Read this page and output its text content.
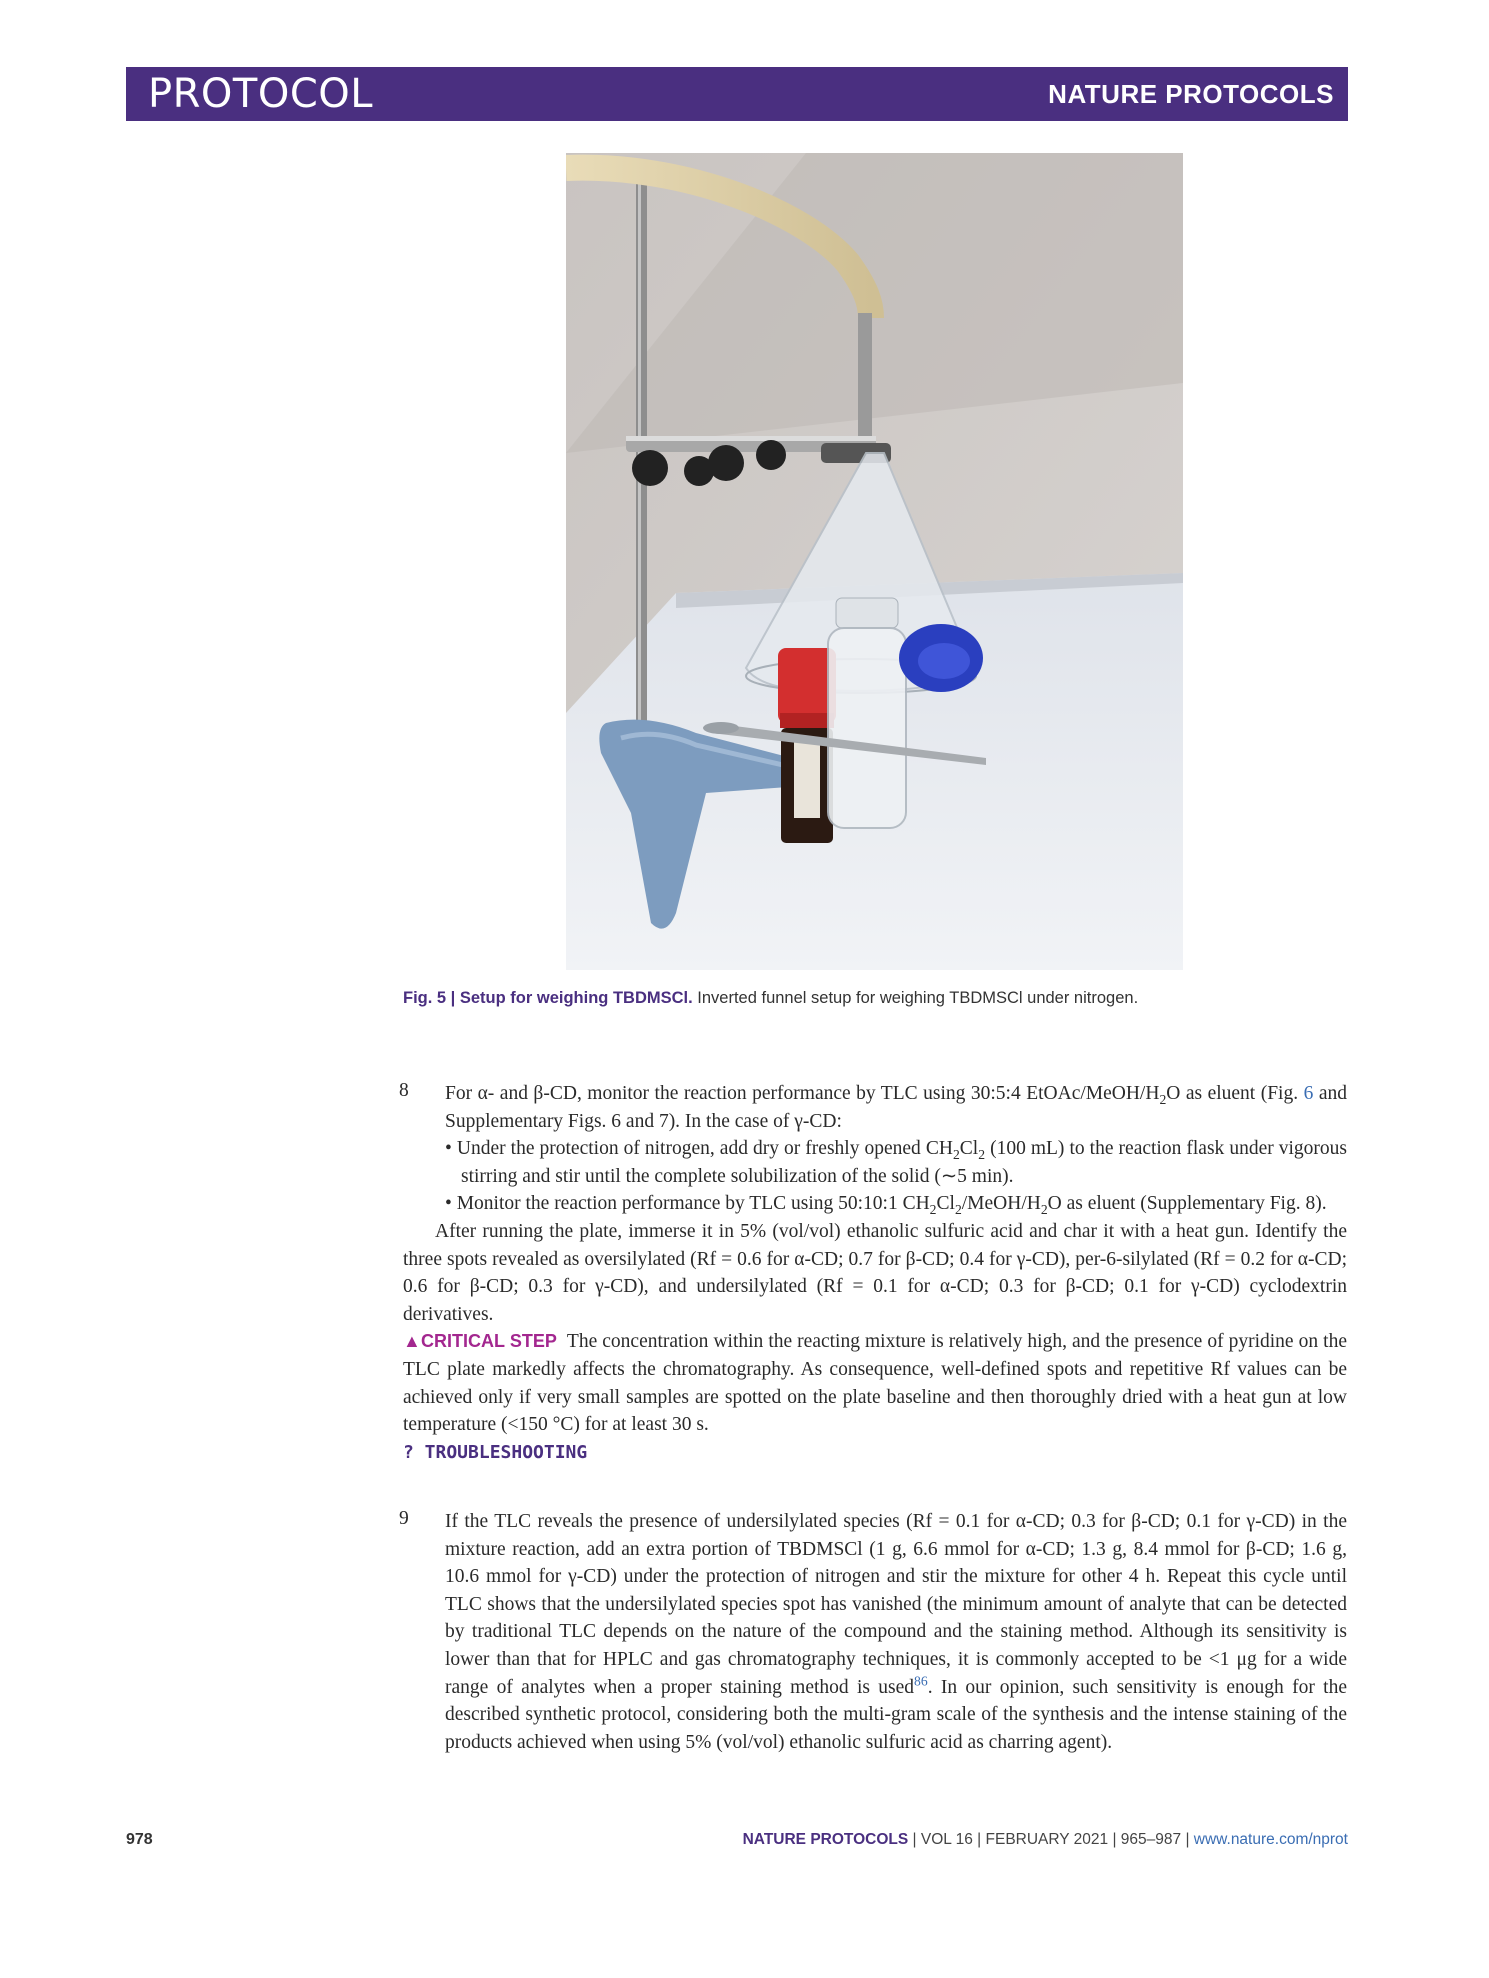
PROTOCOL	NATURE PROTOCOLS
Fig. 5 | Setup for weighing TBDMSCl. Inverted funnel setup for weighing TBDMSCl under nitrogen.
8	For α- and β-CD, monitor the reaction performance by TLC using 30:5:4 EtOAc/$MeOH/H_2O$ as eluent (Fig. 6 and Supplementary Figs. 6 and 7). In the case of γ-CD:
• Under the protection of nitrogen, add dry or freshly opened $CH_2Cl_2$ (100 mL) to the reaction flask under vigorous stirring and stir until the complete solubilization of the solid (∼5 min).
• Monitor the reaction performance by TLC using 50:10:1 $CH_2Cl_2/MeOH/H_2O$ as eluent (Supplementary Fig. 8).
After running the plate, immerse it in 5% (vol/vol) ethanolic sulfuric acid and char it with a heat gun. Identify the three spots revealed as oversilylated (Rf = 0.6 for α-CD; 0.7 for β-CD; 0.4 for γ-CD), per-6-silylated (Rf = 0.2 for α-CD; 0.6 for β-CD; 0.3 for γ-CD), and undersilylated (Rf = 0.1 for α-CD; 0.3 for β-CD; 0.1 for γ-CD) cyclodextrin derivatives.
▲CRITICAL STEP The concentration within the reacting mixture is relatively high, and the presence of pyridine on the TLC plate markedly affects the chromatography. As consequence, well-defined spots and repetitive Rf values can be achieved only if very small samples are spotted on the plate baseline and then thoroughly dried with a heat gun at low temperature (<150 °C) for at least 30 s.
? TROUBLESHOOTING
9	If the TLC reveals the presence of undersilylated species (Rf = 0.1 for α-CD; 0.3 for β-CD; 0.1 for γ-CD) in the mixture reaction, add an extra portion of TBDMSCl (1 g, 6.6 mmol for α-CD; 1.3 g, 8.4 mmol for β-CD; 1.6 g, 10.6 mmol for γ-CD) under the protection of nitrogen and stir the mixture for other 4 h. Repeat this cycle until TLC shows that the undersilylated species spot has vanished (the minimum amount of analyte that can be detected by traditional TLC depends on the nature of the compound and the staining method. Although its sensitivity is lower than that for HPLC and gas chromatography techniques, it is commonly accepted to be <1 μg for a wide range of analytes when a proper staining method is used$^{86}$. In our opinion, such sensitivity is enough for the described synthetic protocol, considering both the multi-gram scale of the synthesis and the intense staining of the products achieved when using 5% (vol/vol) ethanolic sulfuric acid as charring agent).
978	NATURE PROTOCOLS | VOL 16 | FEBRUARY 2021 | 965–987 | www.nature.com/nprot
